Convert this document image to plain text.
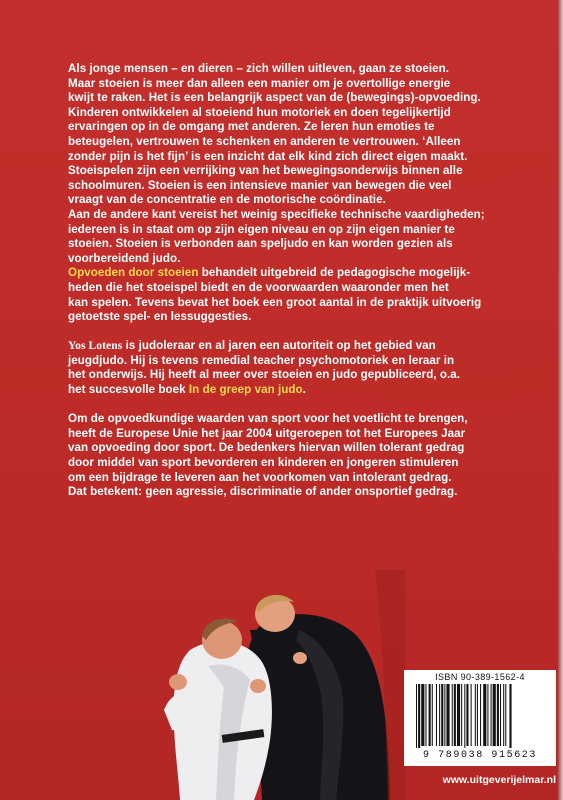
Als jonge mensen – en dieren – zich willen uitleven, gaan ze stoeien.

Maar stoeien is meer dan alleen een manier om je overtollige energie

kwijt te raken. Het is een belangrijk aspect van de (bewegings)-opvoeding.

Kinderen ontwikkelen al stoeiend hun motoriek en doen tegelijkertijd

ervaringen op in de omgang met anderen. Ze leren hun emoties te

beteugelen, vertrouwen te schenken en anderen te vertrouwen. ‘Alleen

zonder pijn is het fijn’ is een inzicht dat elk kind zich direct eigen maakt.

Stoeispelen zijn een verrijking van het bewegingsonderwijs binnen alle

schoolmuren. Stoeien is een intensieve manier van bewegen die veel

vraagt van de concentratie en de motorische coördinatie.

Aan de andere kant vereist het weinig specifieke technische vaardigheden;

iedereen is in staat om op zijn eigen niveau en op zijn eigen manier te

stoeien. Stoeien is verbonden aan speljudo en kan worden gezien als

voorbereidend judo.

Opvoeden door stoeien behandelt uitgebreid de pedagogische mogelijk-

heden die het stoeispel biedt en de voorwaarden waaronder men het

kan spelen. Tevens bevat het boek een groot aantal in de praktijk uitvoerig

getoetste spel- en lessuggesties.

Yos Lotens is judoleraar en al jaren een autoriteit op het gebied van

jeugdjudo. Hij is tevens remedial teacher psychomotoriek en leraar in

het onderwijs. Hij heeft al meer over stoeien en judo gepubliceerd, o.a.

het succesvolle boek In de greep van judo.

Om de opvoedkundige waarden van sport voor het voetlicht te brengen,

heeft de Europese Unie het jaar 2004 uitgeroepen tot het Europees Jaar

van opvoeding door sport. De bedenkers hiervan willen tolerant gedrag

door middel van sport bevorderen en kinderen en jongeren stimuleren

om een bijdrage te leveren aan het voorkomen van intolerant gedrag.

Dat betekent: geen agressie, discriminatie of ander onsportief gedrag.

ISBN 90-389-1562-4
9 789038 915623
www.uitgeverijelmar.nl
